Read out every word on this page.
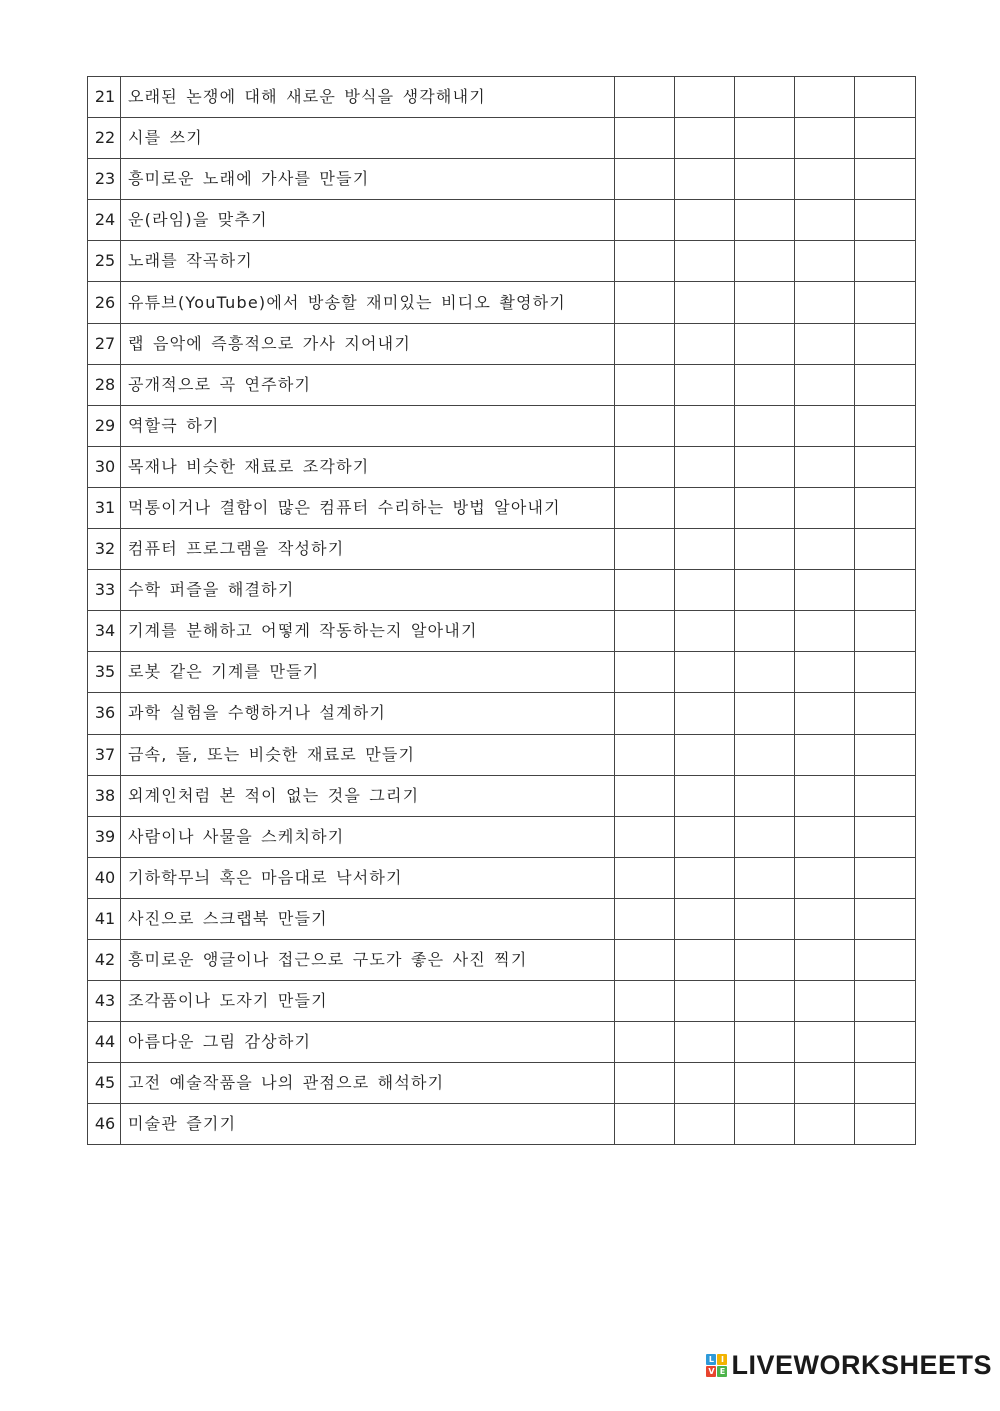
21	오래된 논쟁에 대해 새로운 방식을 생각해내기					
22	시를 쓰기					
23	흥미로운 노래에 가사를 만들기					
24	운(라임)을 맞추기					
25	노래를 작곡하기					
26	유튜브(YouTube)에서 방송할 재미있는 비디오 촬영하기					
27	랩 음악에 즉흥적으로 가사 지어내기					
28	공개적으로 곡 연주하기					
29	역할극 하기					
30	목재나 비슷한 재료로 조각하기					
31	먹통이거나 결함이 많은 컴퓨터 수리하는 방법 알아내기					
32	컴퓨터 프로그램을 작성하기					
33	수학 퍼즐을 해결하기					
34	기계를 분해하고 어떻게 작동하는지 알아내기					
35	로봇 같은 기계를 만들기					
36	과학 실험을 수행하거나 설계하기					
37	금속, 돌, 또는 비슷한 재료로 만들기					
38	외계인처럼 본 적이 없는 것을 그리기					
39	사람이나 사물을 스케치하기					
40	기하학무늬 혹은 마음대로 낙서하기					
41	사진으로 스크랩북 만들기					
42	흥미로운 앵글이나 접근으로 구도가 좋은 사진 찍기					
43	조각품이나 도자기 만들기					
44	아름다운 그림 감상하기					
45	고전 예술작품을 나의 관점으로 해석하기					
46	미술관 즐기기					
L I
V E LIVEWORKSHEETS
